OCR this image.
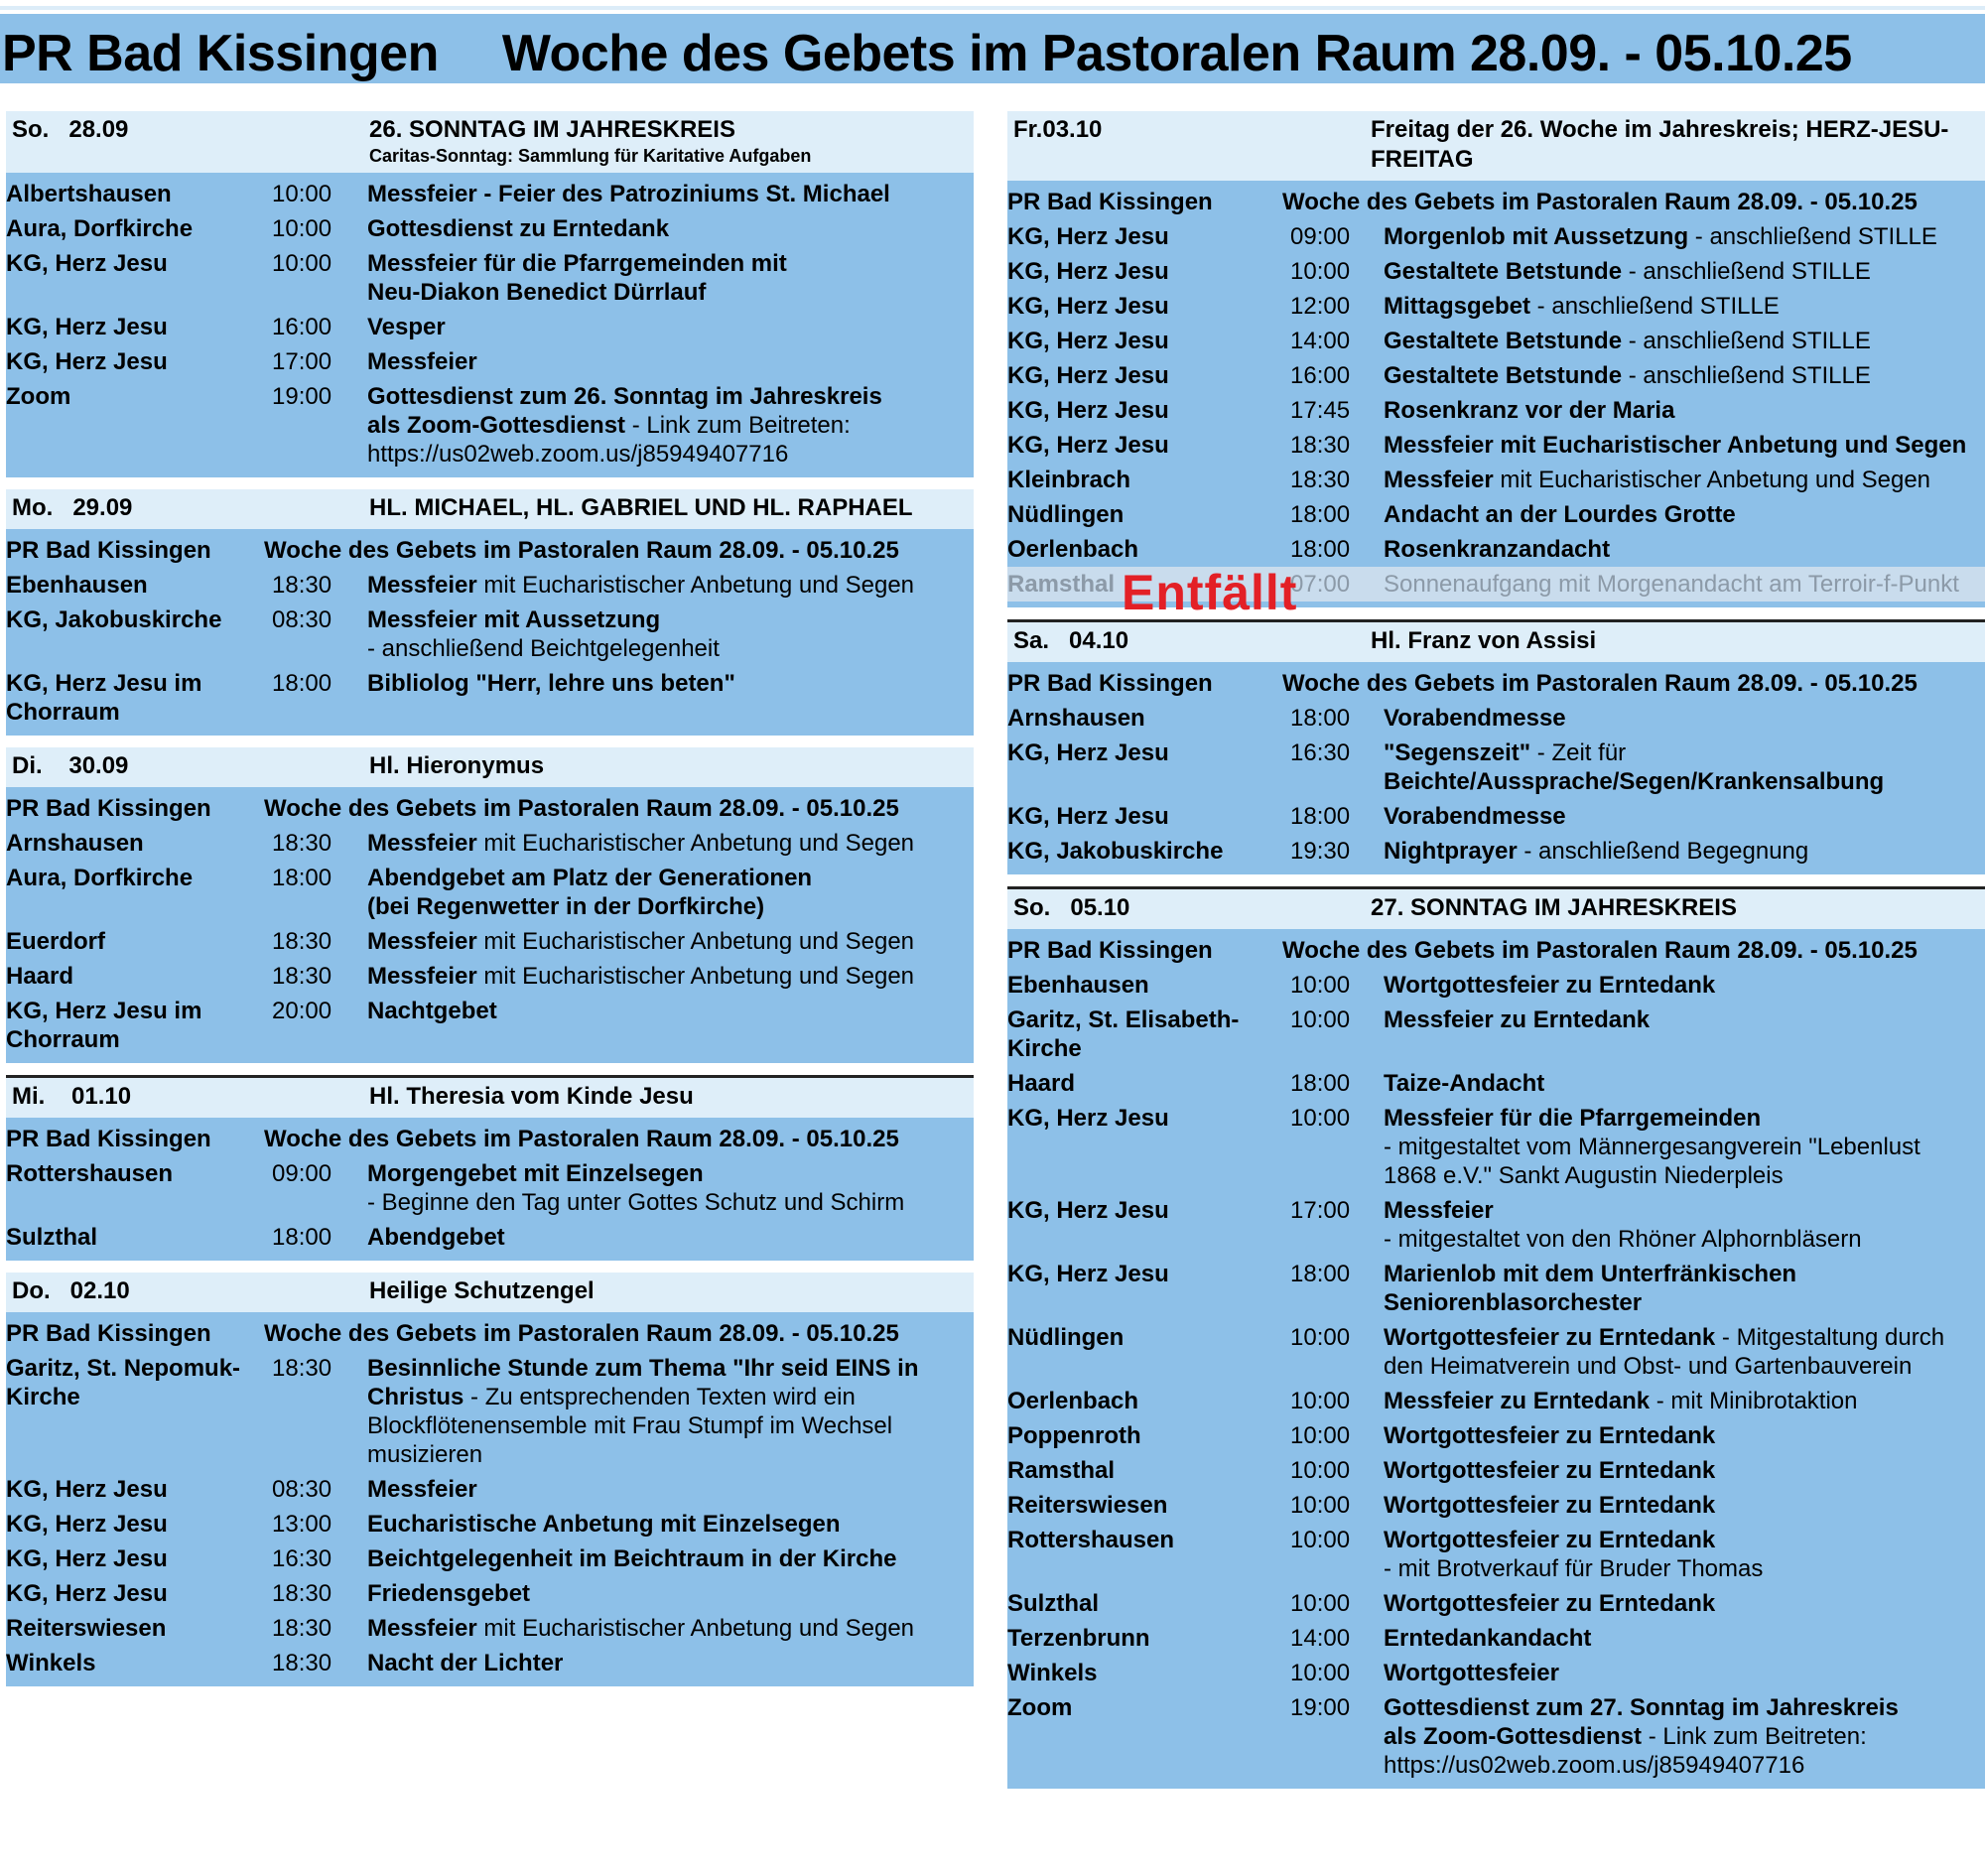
PR Bad Kissingen Woche des Gebets im Pastoralen Raum 28.09. - 05.10.25
So.   28.09	26. SONNTAG IM JAHRESKREIS
Caritas-Sonntag: Sammlung für Karitative Aufgaben
Albertshausen	10:00	Messfeier - Feier des Patroziniums St. Michael
Aura, Dorfkirche	10:00	Gottesdienst zu Erntedank
KG, Herz Jesu	10:00	Messfeier für die Pfarrgemeinden mit
Neu-Diakon Benedict Dürrlauf
KG, Herz Jesu	16:00	Vesper
KG, Herz Jesu	17:00	Messfeier
Zoom	19:00	Gottesdienst zum 26. Sonntag im Jahreskreis
als Zoom-Gottesdienst - Link zum Beitreten:
https://us02web.zoom.us/j85949407716
Mo.   29.09	HL. MICHAEL, HL. GABRIEL UND HL. RAPHAEL
PR Bad Kissingen	Woche des Gebets im Pastoralen Raum 28.09. - 05.10.25
Ebenhausen	18:30	Messfeier mit Eucharistischer Anbetung und Segen
KG, Jakobuskirche	08:30	Messfeier mit Aussetzung
- anschließend Beichtgelegenheit
KG, Herz Jesu im Chorraum
18:00	Bibliolog "Herr, lehre uns beten"
Di.    30.09	Hl. Hieronymus
PR Bad Kissingen	Woche des Gebets im Pastoralen Raum 28.09. - 05.10.25
Arnshausen	18:30	Messfeier mit Eucharistischer Anbetung und Segen
Aura, Dorfkirche	18:00	Abendgebet am Platz der Generationen
(bei Regenwetter in der Dorfkirche)
Euerdorf	18:30	Messfeier mit Eucharistischer Anbetung und Segen
Haard	18:30	Messfeier mit Eucharistischer Anbetung und Segen
KG, Herz Jesu im Chorraum
20:00	Nachtgebet
Mi.    01.10	Hl. Theresia vom Kinde Jesu
PR Bad Kissingen	Woche des Gebets im Pastoralen Raum 28.09. - 05.10.25
Rottershausen	09:00	Morgengebet mit Einzelsegen
- Beginne den Tag unter Gottes Schutz und Schirm
Sulzthal	18:00	Abendgebet
Do.   02.10	Heilige Schutzengel
PR Bad Kissingen	Woche des Gebets im Pastoralen Raum 28.09. - 05.10.25
Garitz, St. Nepomuk-Kirche
18:30	Besinnliche Stunde zum Thema "Ihr seid EINS in Christus - Zu entsprechenden Texten wird ein Blockflötenensemble mit Frau Stumpf im Wechsel musizieren
KG, Herz Jesu	08:30	Messfeier
KG, Herz Jesu	13:00	Eucharistische Anbetung mit Einzelsegen
KG, Herz Jesu	16:30	Beichtgelegenheit im Beichtraum in der Kirche
KG, Herz Jesu	18:30	Friedensgebet
Reiterswiesen	18:30	Messfeier mit Eucharistischer Anbetung und Segen
Winkels	18:30	Nacht der Lichter
Fr.03.10	Freitag der 26. Woche im Jahreskreis; HERZ-JESU-FREITAG
PR Bad Kissingen	Woche des Gebets im Pastoralen Raum 28.09. - 05.10.25
KG, Herz Jesu	09:00	Morgenlob mit Aussetzung - anschließend STILLE
KG, Herz Jesu	10:00	Gestaltete Betstunde - anschließend STILLE
KG, Herz Jesu	12:00	Mittagsgebet - anschließend STILLE
KG, Herz Jesu	14:00	Gestaltete Betstunde - anschließend STILLE
KG, Herz Jesu	16:00	Gestaltete Betstunde - anschließend STILLE
KG, Herz Jesu	17:45	Rosenkranz vor der Maria
KG, Herz Jesu	18:30	Messfeier mit Eucharistischer Anbetung und Segen
Kleinbrach	18:30	Messfeier mit Eucharistischer Anbetung und Segen
Nüdlingen	18:00	Andacht an der Lourdes Grotte
Oerlenbach	18:00	Rosenkranzandacht
Ramsthal	07:00	Sonnenaufgang mit Morgenandacht am Terroir-f-Punkt
Entfällt
Sa.   04.10	Hl. Franz von Assisi
PR Bad Kissingen	Woche des Gebets im Pastoralen Raum 28.09. - 05.10.25
Arnshausen	18:00	Vorabendmesse
KG, Herz Jesu	16:30	"Segenszeit" - Zeit für
Beichte/Aussprache/Segen/Krankensalbung
KG, Herz Jesu	18:00	Vorabendmesse
KG, Jakobuskirche	19:30	Nightprayer - anschließend Begegnung
So.   05.10	27. SONNTAG IM JAHRESKREIS
PR Bad Kissingen	Woche des Gebets im Pastoralen Raum 28.09. - 05.10.25
Ebenhausen	10:00	Wortgottesfeier zu Erntedank
Garitz, St. Elisabeth-Kirche
10:00	Messfeier zu Erntedank
Haard	18:00	Taize-Andacht
KG, Herz Jesu	10:00	Messfeier für die Pfarrgemeinden
- mitgestaltet vom Männergesangverein "Lebenlust 1868 e.V." Sankt Augustin Niederpleis
KG, Herz Jesu	17:00	Messfeier
- mitgestaltet von den Rhöner Alphornbläsern
KG, Herz Jesu	18:00	Marienlob mit dem Unterfränkischen Seniorenblasorchester
Nüdlingen	10:00	Wortgottesfeier zu Erntedank - Mitgestaltung durch den Heimatverein und Obst- und Gartenbauverein
Oerlenbach	10:00	Messfeier zu Erntedank - mit Minibrotaktion
Poppenroth	10:00	Wortgottesfeier zu Erntedank
Ramsthal	10:00	Wortgottesfeier zu Erntedank
Reiterswiesen	10:00	Wortgottesfeier zu Erntedank
Rottershausen	10:00	Wortgottesfeier zu Erntedank
- mit Brotverkauf für Bruder Thomas
Sulzthal	10:00	Wortgottesfeier zu Erntedank
Terzenbrunn	14:00	Erntedankandacht
Winkels	10:00	Wortgottesfeier
Zoom	19:00	Gottesdienst zum 27. Sonntag im Jahreskreis
als Zoom-Gottesdienst - Link zum Beitreten:
https://us02web.zoom.us/j85949407716
